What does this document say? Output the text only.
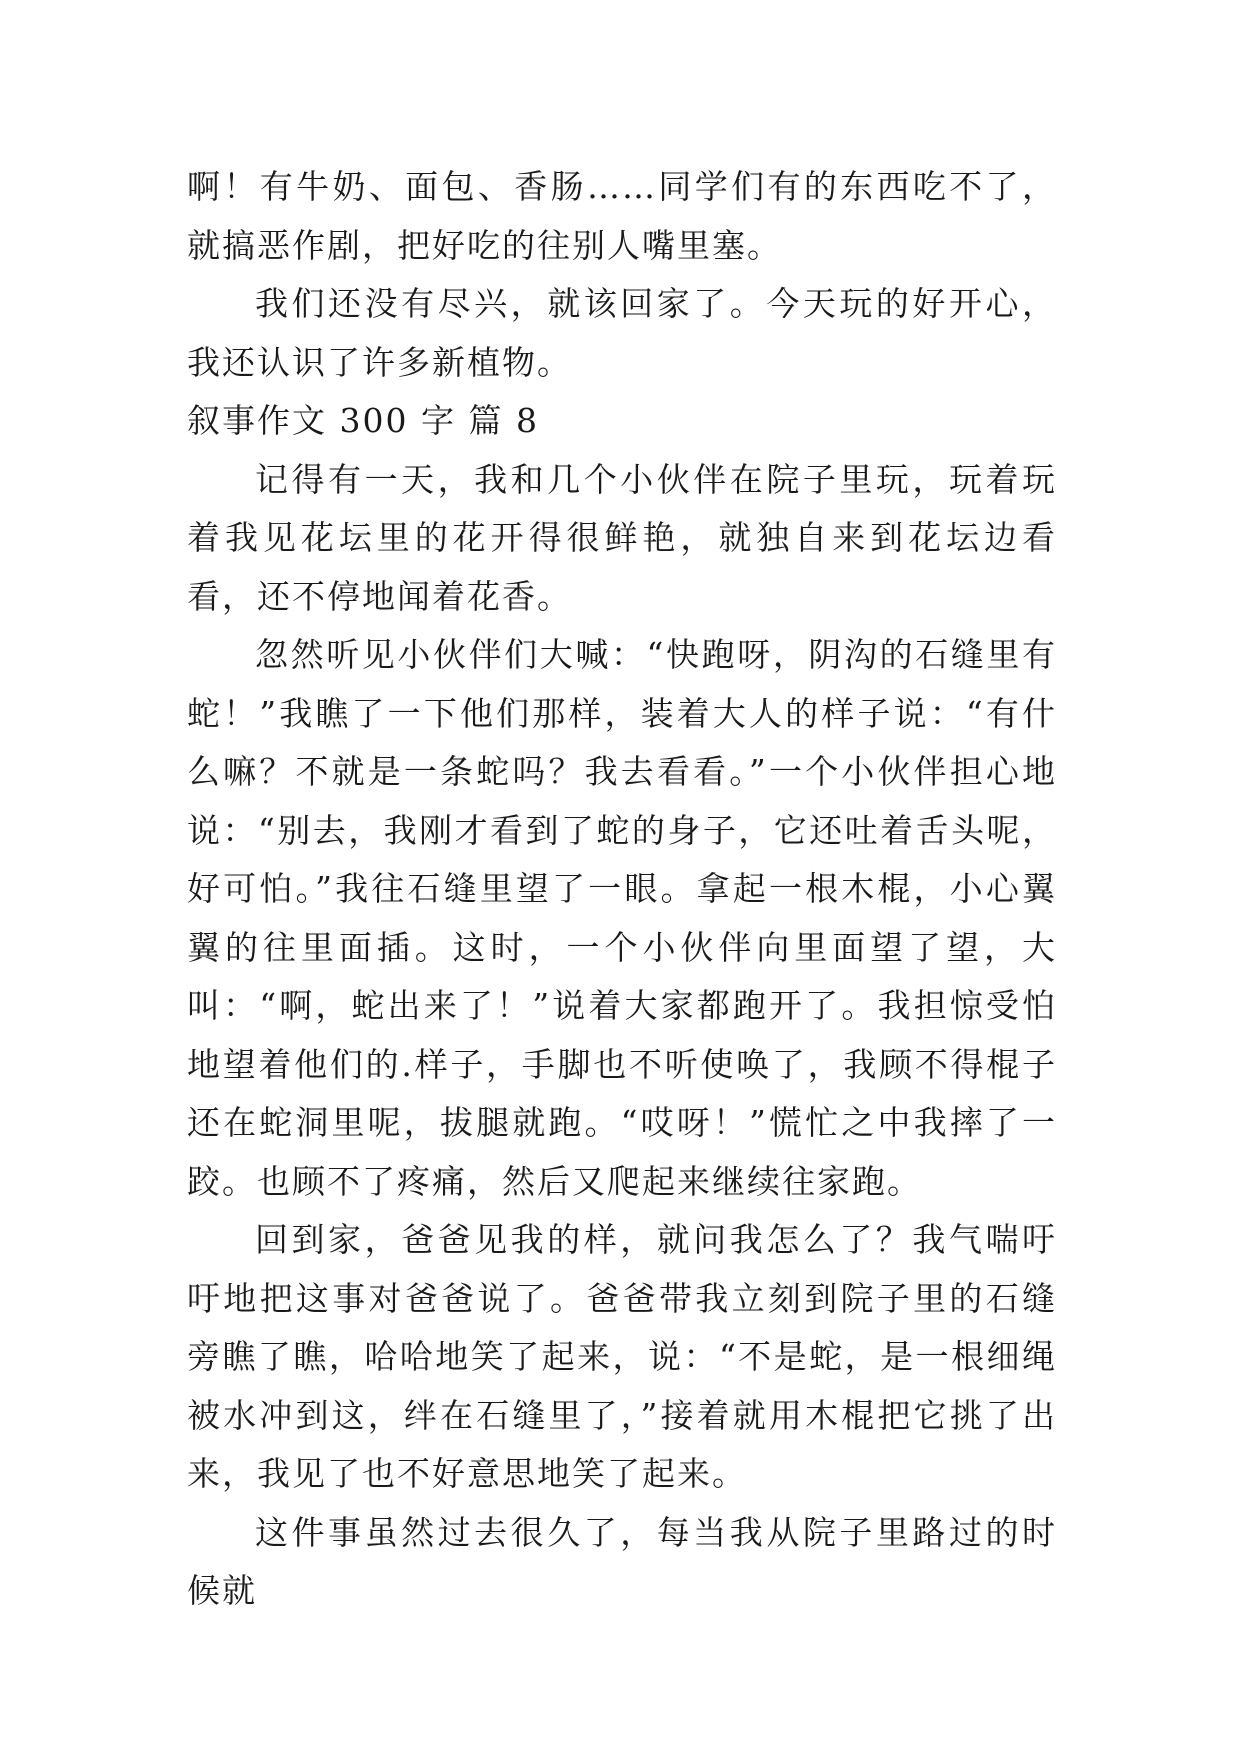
啊！有牛奶、面包、香肠……同学们有的东西吃不了，就搞恶作剧，把好吃的往别人嘴里塞。

我们还没有尽兴，就该回家了。今天玩的好开心，我还认识了许多新植物。

叙事作文 300 字 篇 8

记得有一天，我和几个小伙伴在院子里玩，玩着玩着我见花坛里的花开得很鲜艳，就独自来到花坛边看看，还不停地闻着花香。

忽然听见小伙伴们大喊：“快跑呀，阴沟的石缝里有蛇！”我瞧了一下他们那样，装着大人的样子说：“有什么嘛？不就是一条蛇吗？我去看看。”一个小伙伴担心地说：“别去，我刚才看到了蛇的身子，它还吐着舌头呢，好可怕。”我往石缝里望了一眼。拿起一根木棍，小心翼翼的往里面插。这时，一个小伙伴向里面望了望，大叫：“啊，蛇出来了！”说着大家都跑开了。我担惊受怕地望着他们的.样子，手脚也不听使唤了，我顾不得棍子还在蛇洞里呢，拔腿就跑。“哎呀！”慌忙之中我摔了一跤。也顾不了疼痛，然后又爬起来继续往家跑。

回到家，爸爸见我的样，就问我怎么了？我气喘吁吁地把这事对爸爸说了。爸爸带我立刻到院子里的石缝旁瞧了瞧，哈哈地笑了起来，说：“不是蛇，是一根细绳被水冲到这，绊在石缝里了，”接着就用木棍把它挑了出来，我见了也不好意思地笑了起来。

这件事虽然过去很久了，每当我从院子里路过的时候就
